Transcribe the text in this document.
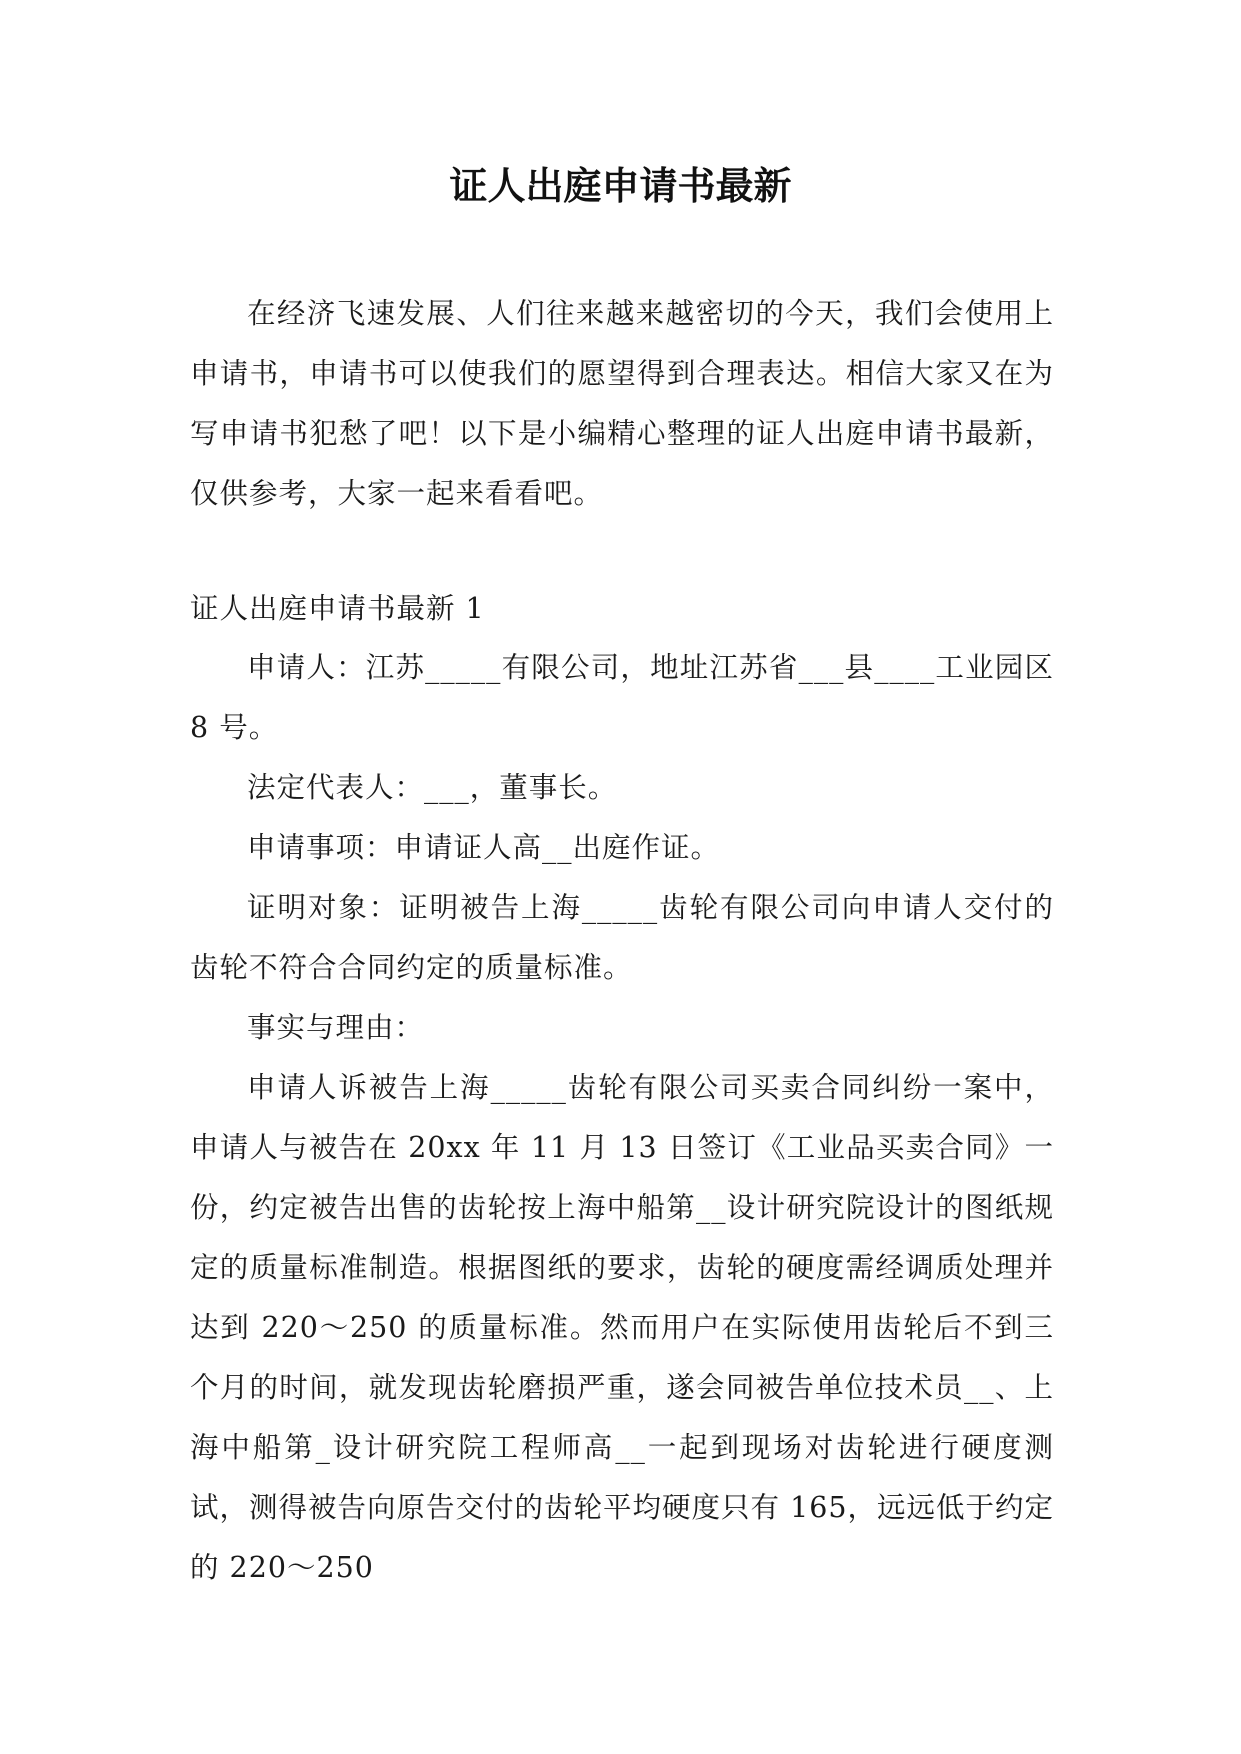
证人出庭申请书最新

在经济飞速发展、人们往来越来越密切的今天，我们会使用上申请书，申请书可以使我们的愿望得到合理表达。相信大家又在为写申请书犯愁了吧！以下是小编精心整理的证人出庭申请书最新，仅供参考，大家一起来看看吧。

证人出庭申请书最新 1

申请人：江苏_____有限公司，地址江苏省___县____工业园区 8 号。

法定代表人：___，董事长。

申请事项：申请证人高__出庭作证。

证明对象：证明被告上海_____齿轮有限公司向申请人交付的齿轮不符合合同约定的质量标准。

事实与理由：

申请人诉被告上海_____齿轮有限公司买卖合同纠纷一案中，申请人与被告在 20xx 年 11 月 13 日签订《工业品买卖合同》一份，约定被告出售的齿轮按上海中船第__设计研究院设计的图纸规定的质量标准制造。根据图纸的要求，齿轮的硬度需经调质处理并达到 220～250 的质量标准。然而用户在实际使用齿轮后不到三个月的时间，就发现齿轮磨损严重，遂会同被告单位技术员__、上海中船第_设计研究院工程师高__一起到现场对齿轮进行硬度测试，测得被告向原告交付的齿轮平均硬度只有 165，远远低于约定的 220～250
